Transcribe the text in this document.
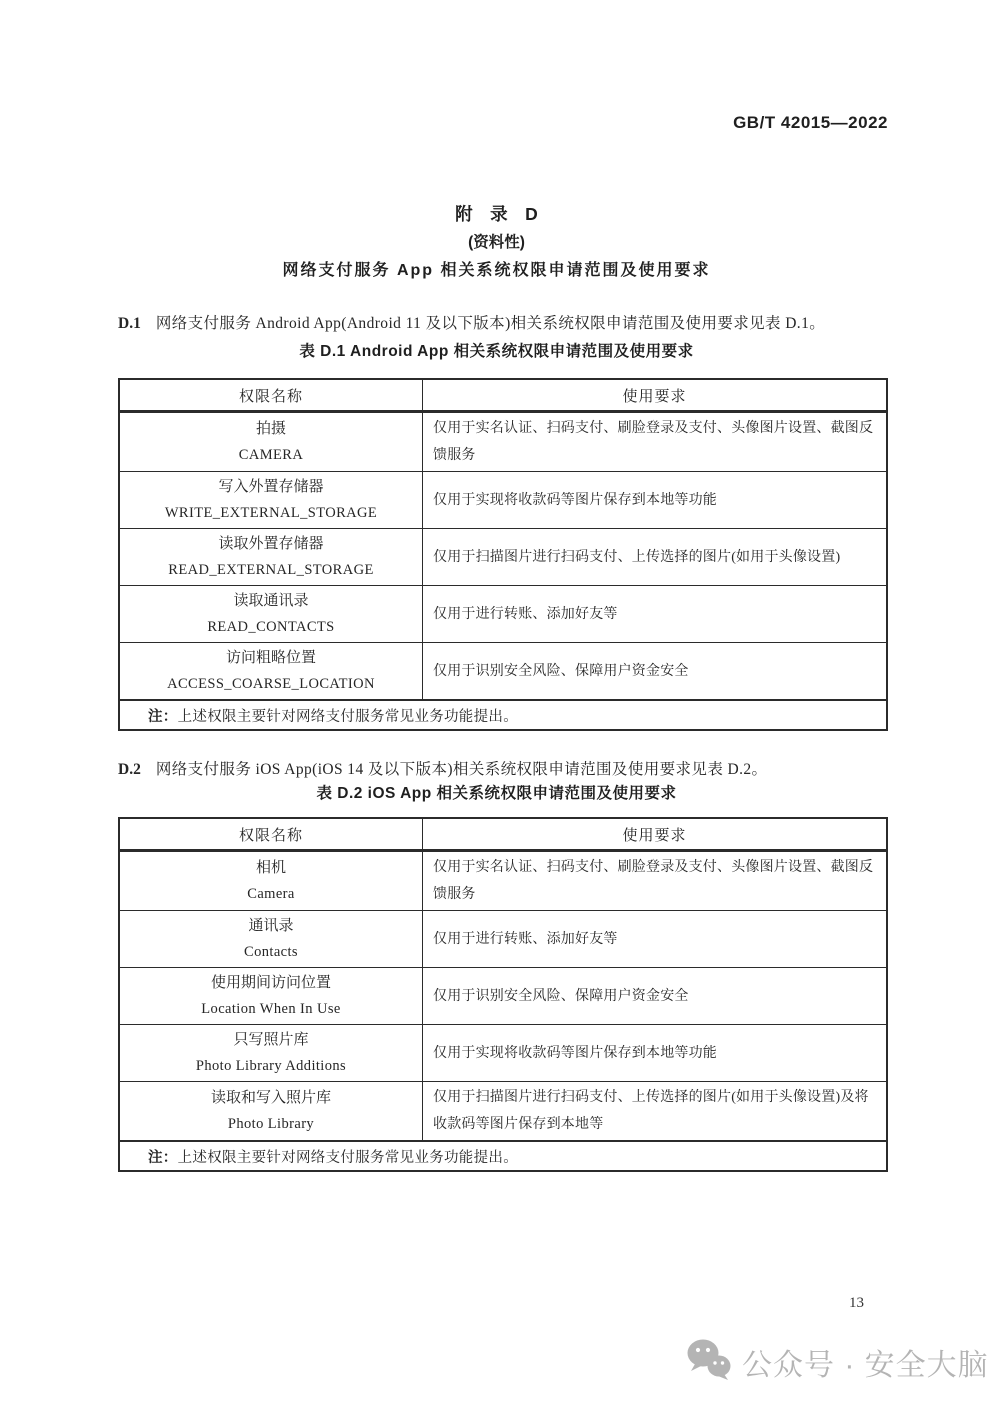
GB/T 42015—2022
附　录　D
(资料性)
网络支付服务 App 相关系统权限申请范围及使用要求

D.1 网络支付服务 Android App(Android 11 及以下版本)相关系统权限申请范围及使用要求见表 D.1。

表 D.1 Android App 相关系统权限申请范围及使用要求
权限名称	使用要求
拍摄
CAMERA
仅用于实名认证、扫码支付、刷脸登录及支付、头像图片设置、截图反馈服务
写入外置存储器
WRITE_EXTERNAL_STORAGE
仅用于实现将收款码等图片保存到本地等功能
读取外置存储器
READ_EXTERNAL_STORAGE
仅用于扫描图片进行扫码支付、上传选择的图片(如用于头像设置)
读取通讯录
READ_CONTACTS
仅用于进行转账、添加好友等
访问粗略位置
ACCESS_COARSE_LOCATION
仅用于识别安全风险、保障用户资金安全
注： 上述权限主要针对网络支付服务常见业务功能提出。

D.2 网络支付服务 iOS App(iOS 14 及以下版本)相关系统权限申请范围及使用要求见表 D.2。

表 D.2 iOS App 相关系统权限申请范围及使用要求
权限名称	使用要求
相机
Camera
仅用于实名认证、扫码支付、刷脸登录及支付、头像图片设置、截图反馈服务
通讯录
Contacts
仅用于进行转账、添加好友等
使用期间访问位置
Location When In Use
仅用于识别安全风险、保障用户资金安全
只写照片库
Photo Library Additions
仅用于实现将收款码等图片保存到本地等功能
读取和写入照片库
Photo Library
仅用于扫描图片进行扫码支付、上传选择的图片(如用于头像设置)及将收款码等图片保存到本地等
注： 上述权限主要针对网络支付服务常见业务功能提出。
13
公众号 · 安全大脑
